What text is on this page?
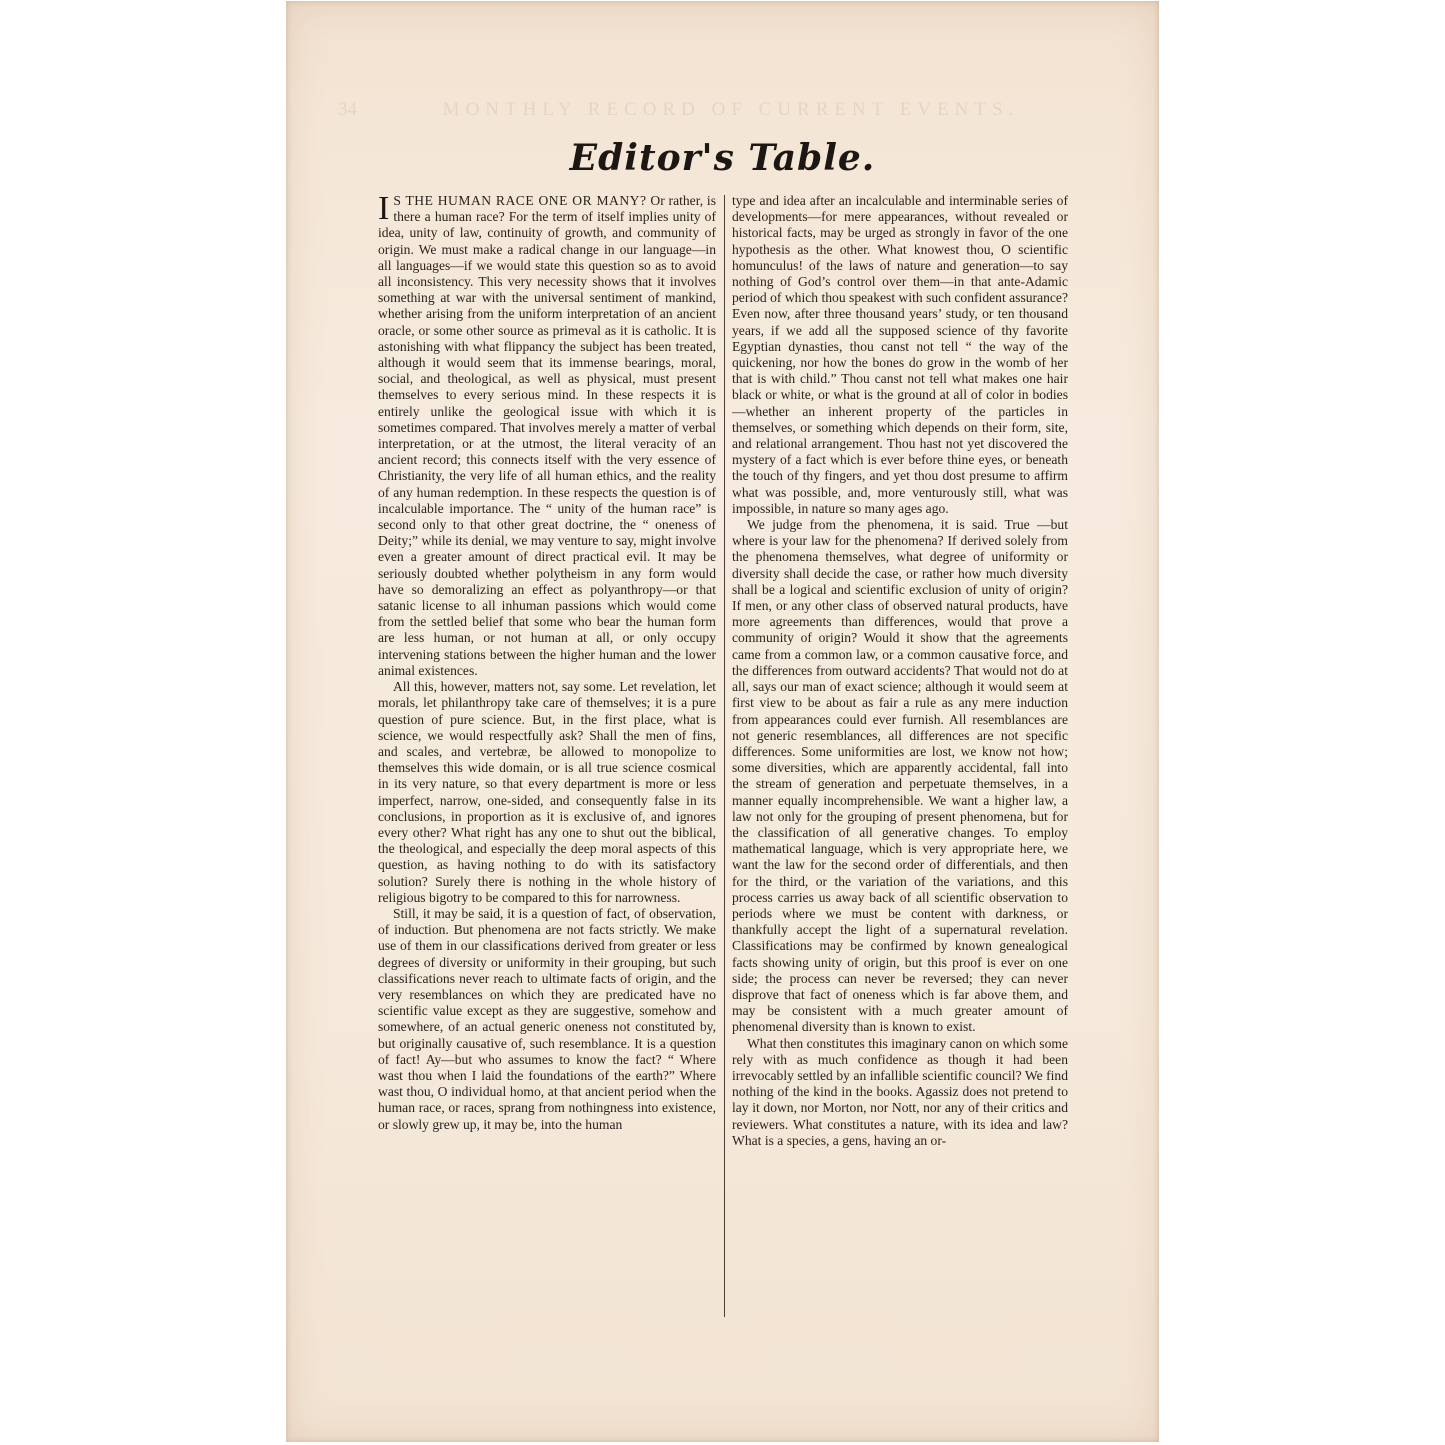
34	MONTHLY RECORD OF CURRENT EVENTS.
Editor's Table.

I S THE HUMAN RACE ONE OR MANY? Or rather, is there a human race? For the term of itself implies unity of idea, unity of law, continuity of growth, and community of origin. We must make a radical change in our language—in all languages—if we would state this question so as to avoid all inconsistency. This very necessity shows that it involves something at war with the universal sentiment of mankind, whether arising from the uniform interpretation of an ancient oracle, or some other source as primeval as it is catholic. It is astonishing with what flippancy the subject has been treated, although it would seem that its immense bearings, moral, social, and theological, as well as physical, must present themselves to every serious mind. In these respects it is entirely unlike the geological issue with which it is sometimes compared. That involves merely a matter of verbal interpretation, or at the utmost, the literal veracity of an ancient record; this connects itself with the very essence of Christianity, the very life of all human ethics, and the reality of any human redemption. In these respects the question is of incalculable importance. The “ unity of the human race” is second only to that other great doctrine, the “ oneness of Deity;” while its denial, we may venture to say, might involve even a greater amount of direct practical evil. It may be seriously doubted whether polytheism in any form would have so demoralizing an effect as polyanthropy—or that satanic license to all inhuman passions which would come from the settled belief that some who bear the human form are less human, or not human at all, or only occupy intervening stations between the higher human and the lower animal existences.

All this, however, matters not, say some. Let revelation, let morals, let philanthropy take care of themselves; it is a pure question of pure science. But, in the first place, what is science, we would respectfully ask? Shall the men of fins, and scales, and vertebræ, be allowed to monopolize to themselves this wide domain, or is all true science cosmical in its very nature, so that every department is more or less imperfect, narrow, one-sided, and consequently false in its conclusions, in proportion as it is exclusive of, and ignores every other? What right has any one to shut out the biblical, the theological, and especially the deep moral aspects of this question, as having nothing to do with its satisfactory solution? Surely there is nothing in the whole history of religious bigotry to be compared to this for narrowness.

Still, it may be said, it is a question of fact, of observation, of induction. But phenomena are not facts strictly. We make use of them in our classifications derived from greater or less degrees of diversity or uniformity in their grouping, but such classifications never reach to ultimate facts of origin, and the very resemblances on which they are predicated have no scientific value except as they are suggestive, somehow and somewhere, of an actual generic oneness not constituted by, but originally causative of, such resemblance. It is a question of fact! Ay—but who assumes to know the fact? “ Where wast thou when I laid the foundations of the earth?” Where wast thou, O individual homo, at that ancient period when the human race, or races, sprang from nothingness into existence, or slowly grew up, it may be, into the human

type and idea after an incalculable and interminable series of developments—for mere appearances, without revealed or historical facts, may be urged as strongly in favor of the one hypothesis as the other. What knowest thou, O scientific homunculus! of the laws of nature and generation—to say nothing of God’s control over them—in that ante-Adamic period of which thou speakest with such confident assurance? Even now, after three thousand years’ study, or ten thousand years, if we add all the supposed science of thy favorite Egyptian dynasties, thou canst not tell “ the way of the quickening, nor how the bones do grow in the womb of her that is with child.” Thou canst not tell what makes one hair black or white, or what is the ground at all of color in bodies—whether an inherent property of the particles in themselves, or something which depends on their form, site, and relational arrangement. Thou hast not yet discovered the mystery of a fact which is ever before thine eyes, or beneath the touch of thy fingers, and yet thou dost presume to affirm what was possible, and, more venturously still, what was impossible, in nature so many ages ago.

We judge from the phenomena, it is said. True —but where is your law for the phenomena? If derived solely from the phenomena themselves, what degree of uniformity or diversity shall decide the case, or rather how much diversity shall be a logical and scientific exclusion of unity of origin? If men, or any other class of observed natural products, have more agreements than differences, would that prove a community of origin? Would it show that the agreements came from a common law, or a common causative force, and the differences from outward accidents? That would not do at all, says our man of exact science; although it would seem at first view to be about as fair a rule as any mere induction from appearances could ever furnish. All resemblances are not generic resemblances, all differences are not specific differences. Some uniformities are lost, we know not how; some diversities, which are apparently accidental, fall into the stream of generation and perpetuate themselves, in a manner equally incomprehensible. We want a higher law, a law not only for the grouping of present phenomena, but for the classification of all generative changes. To employ mathematical language, which is very appropriate here, we want the law for the second order of differentials, and then for the third, or the variation of the variations, and this process carries us away back of all scientific observation to periods where we must be content with darkness, or thankfully accept the light of a supernatural revelation. Classifications may be confirmed by known genealogical facts showing unity of origin, but this proof is ever on one side; the process can never be reversed; they can never disprove that fact of oneness which is far above them, and may be consistent with a much greater amount of phenomenal diversity than is known to exist.

What then constitutes this imaginary canon on which some rely with as much confidence as though it had been irrevocably settled by an infallible scientific council? We find nothing of the kind in the books. Agassiz does not pretend to lay it down, nor Morton, nor Nott, nor any of their critics and reviewers. What constitutes a nature, with its idea and law? What is a species, a gens, having an or-
